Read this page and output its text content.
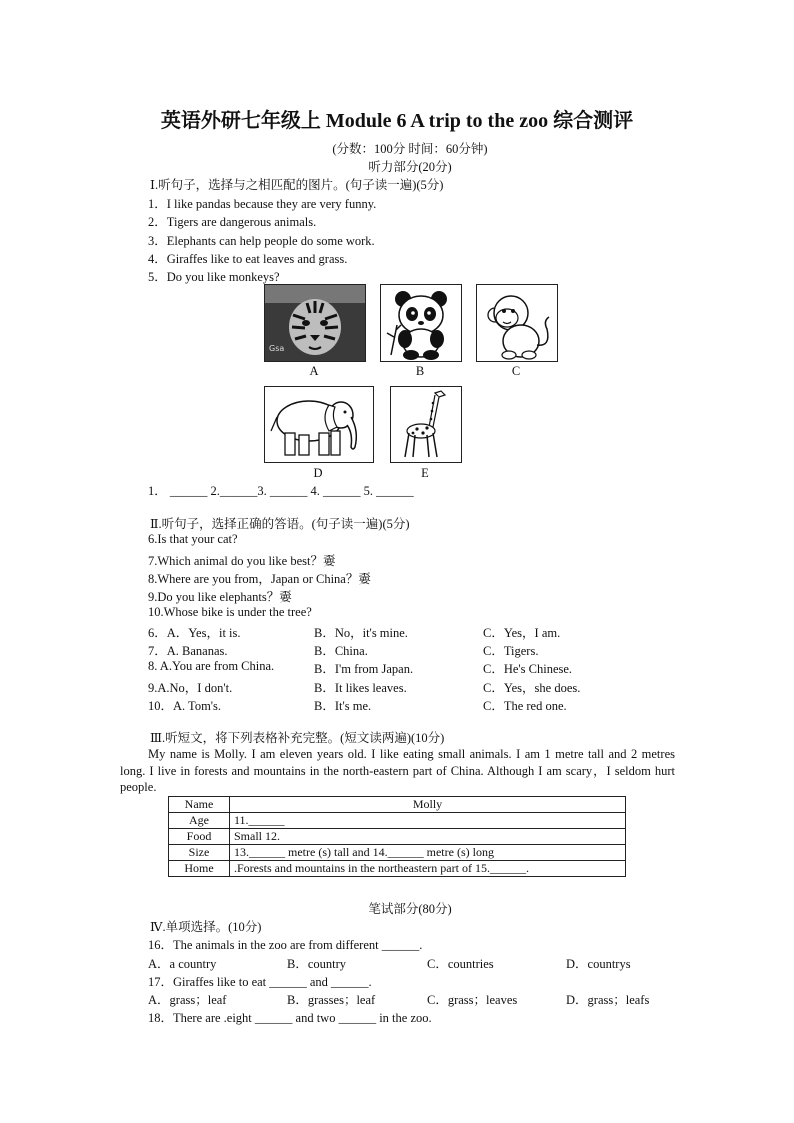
英语外研七年级上 Module 6 A trip to the zoo 综合测评
(分数：100分 时间：60分钟)
听力部分(20分)
Ⅰ.听句子，选择与之相匹配的图片。(句子读一遍)(5分)
1．I like pandas because they are very funny.
2．Tigers are dangerous animals.
3．Elephants can help people do some work.
4．Giraffes like to eat leaves and grass.
5．Do you like monkeys?
Gsa
A	B	C
D	E
1． ______ 2.______3. ______ 4. ______ 5. ______
Ⅱ.听句子，选择正确的答语。(句子读一遍)(5分)
6.Is that your cat?
7.Which animal do you like best？嫑
8.Where are you from，Japan or China？嫑
9.Do you like elephants？嫑
10.Whose bike is under the tree?
6．A．Yes，it is.	B．No，it's mine.	C．Yes，I am.
7．A. Bananas.	B．China.	C．Tigers.
8. A.You are from China.	B．I'm from Japan.	C．He's Chinese.
9.A.No，I don't.	B．It likes leaves.	C．Yes，she does.
10．A. Tom's.	B．It's me.	C．The red one.
Ⅲ.听短文，将下列表格补充完整。(短文读两遍)(10分)
My name is Molly. I am eleven years old. I like eating small animals. I am 1 metre tall and 2 metres long. I live in forests and mountains in the north-eastern part of China. Although I am scary，I seldom hurt people.
Name	Molly
Age	11.______
Food	Small 12.
Size	13.______ metre (s) tall and 14.______ metre (s) long
Home	.Forests and mountains in the northeastern part of 15.______.
笔试部分(80分)
Ⅳ.单项选择。(10分)
16．The animals in the zoo are from different ______.
A．a country	B．country	C．countries	D．countrys
17．Giraffes like to eat ______ and ______.
A．grass；leaf	B．grasses；leaf	C．grass；leaves	D．grass；leafs
18．There are .eight ______ and two ______ in the zoo.
